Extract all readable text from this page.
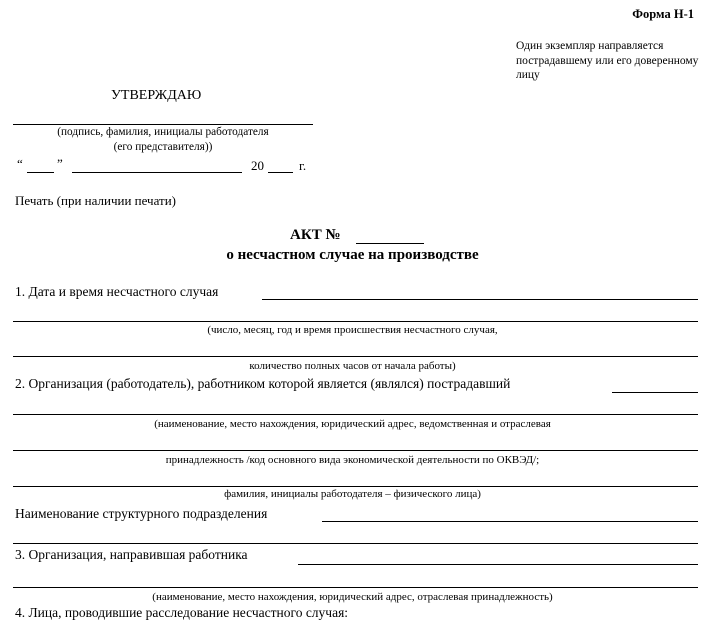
Форма Н-1
Один экземпляр направляется пострадавшему или его доверенному лицу
УТВЕРЖДАЮ
(подпись, фамилия, инициалы работодателя
(его представителя))
“	”	20	г.
Печать (при наличии печати)
АКТ №
о несчастном случае на производстве
1. Дата и время несчастного случая
(число, месяц, год и время происшествия несчастного случая,
количество полных часов от начала работы)
2. Организация (работодатель), работником которой является (являлся) пострадавший
(наименование, место нахождения, юридический адрес, ведомственная и отраслевая
принадлежность /код основного вида экономической деятельности по ОКВЭД/;
фамилия, инициалы работодателя – физического лица)
Наименование структурного подразделения
3. Организация, направившая работника
(наименование, место нахождения, юридический адрес, отраслевая принадлежность)
4. Лица, проводившие расследование несчастного случая:
